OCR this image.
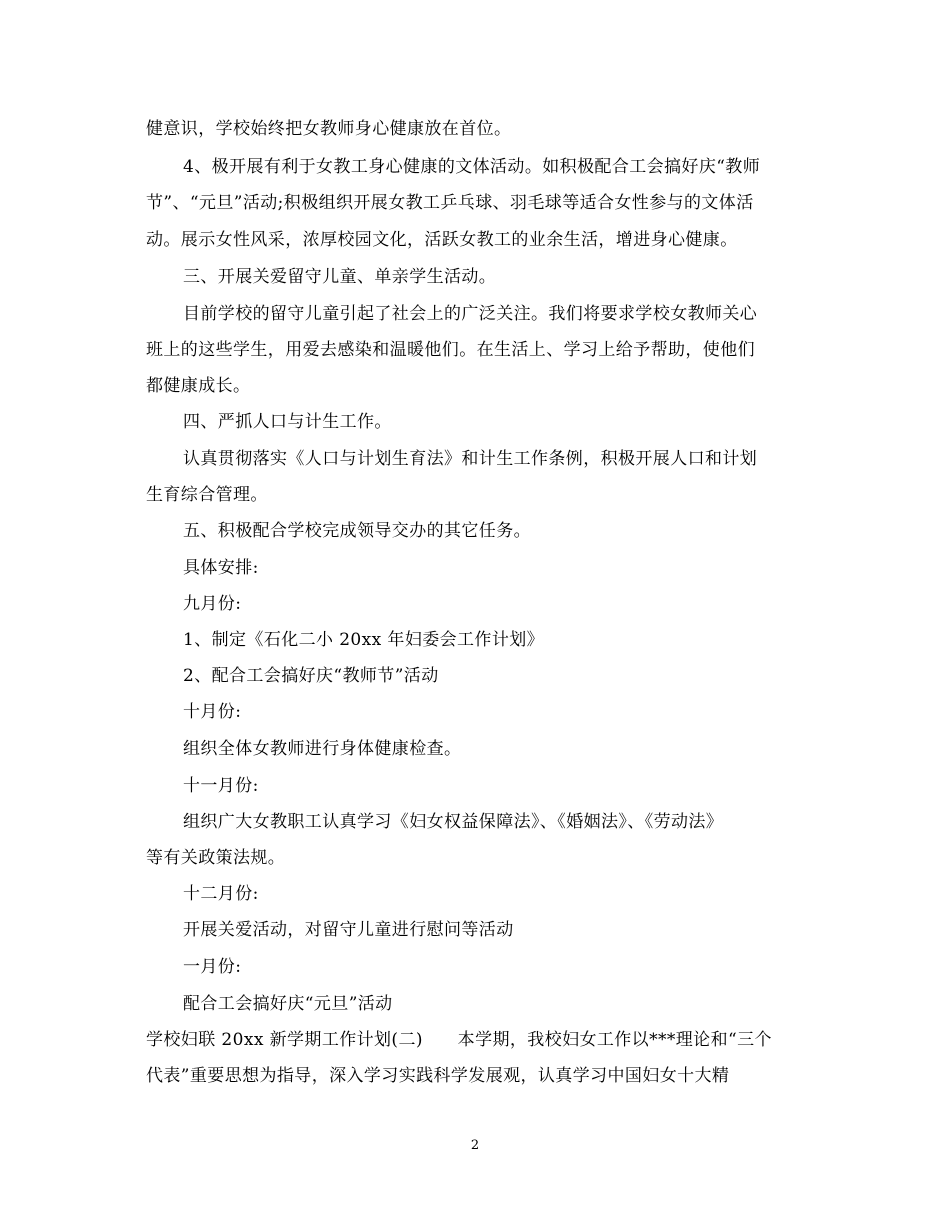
健意识，学校始终把女教师身心健康放在首位。
4、极开展有利于女教工身心健康的文体活动。如积极配合工会搞好庆“教师
节”、“元旦”活动;积极组织开展女教工乒乓球、羽毛球等适合女性参与的文体活
动。展示女性风采，浓厚校园文化，活跃女教工的业余生活，增进身心健康。
三、开展关爱留守儿童、单亲学生活动。
目前学校的留守儿童引起了社会上的广泛关注。我们将要求学校女教师关心
班上的这些学生，用爱去感染和温暖他们。在生活上、学习上给予帮助，使他们
都健康成长。
四、严抓人口与计生工作。
认真贯彻落实《人口与计划生育法》和计生工作条例，积极开展人口和计划
生育综合管理。
五、积极配合学校完成领导交办的其它任务。
具体安排:
九月份:
1、制定《石化二小 20xx 年妇委会工作计划》
2、配合工会搞好庆“教师节”活动
十月份:
组织全体女教师进行身体健康检查。
十一月份:
组织广大女教职工认真学习《妇女权益保障法》、《婚姻法》、《劳动法》
等有关政策法规。
十二月份:
开展关爱活动，对留守儿童进行慰问等活动
一月份:
配合工会搞好庆“元旦”活动
学校妇联 20xx 新学期工作计划(二)　　本学期，我校妇女工作以***理论和“三个
代表”重要思想为指导，深入学习实践科学发展观，认真学习中国妇女十大精
2
